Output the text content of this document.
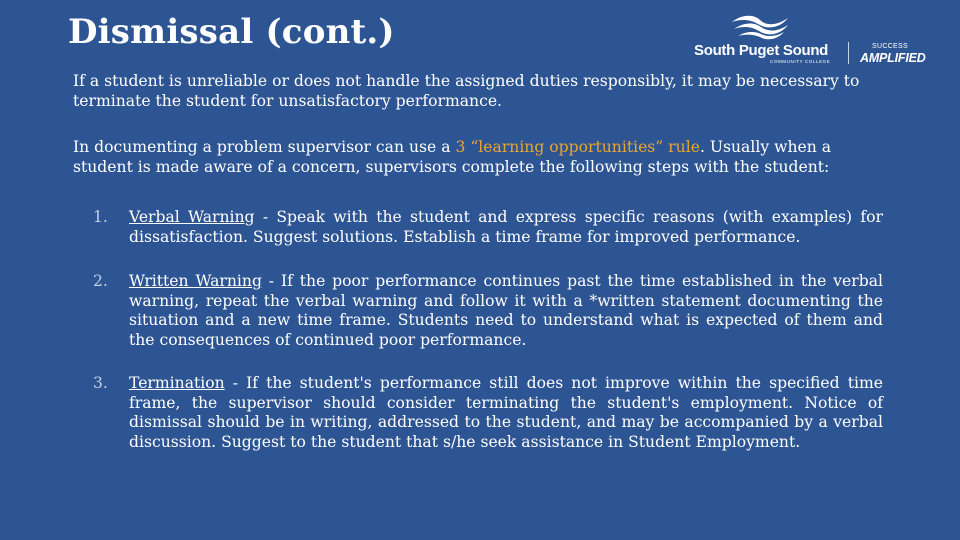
Dismissal (cont.)	South Puget Sound
COMMUNITY COLLEGE
SUCCESS
AMPLIFIED
If a student is unreliable or does not handle the assigned duties responsibly, it may be necessary to terminate the student for unsatisfactory performance.
In documenting a problem supervisor can use a 3 “learning opportunities” rule. Usually when a student is made aware of a concern, supervisors complete the following steps with the student:
1. Verbal Warning - Speak with the student and express specific reasons (with examples) for dissatisfaction. Suggest solutions. Establish a time frame for improved performance.
2. Written Warning - If the poor performance continues past the time established in the verbal warning, repeat the verbal warning and follow it with a *written statement documenting the situation and a new time frame. Students need to understand what is expected of them and the consequences of continued poor performance.
3. Termination - If the student's performance still does not improve within the specified time frame, the supervisor should consider terminating the student's employment. Notice of dismissal should be in writing, addressed to the student, and may be accompanied by a verbal discussion. Suggest to the student that s/he seek assistance in Student Employment.
